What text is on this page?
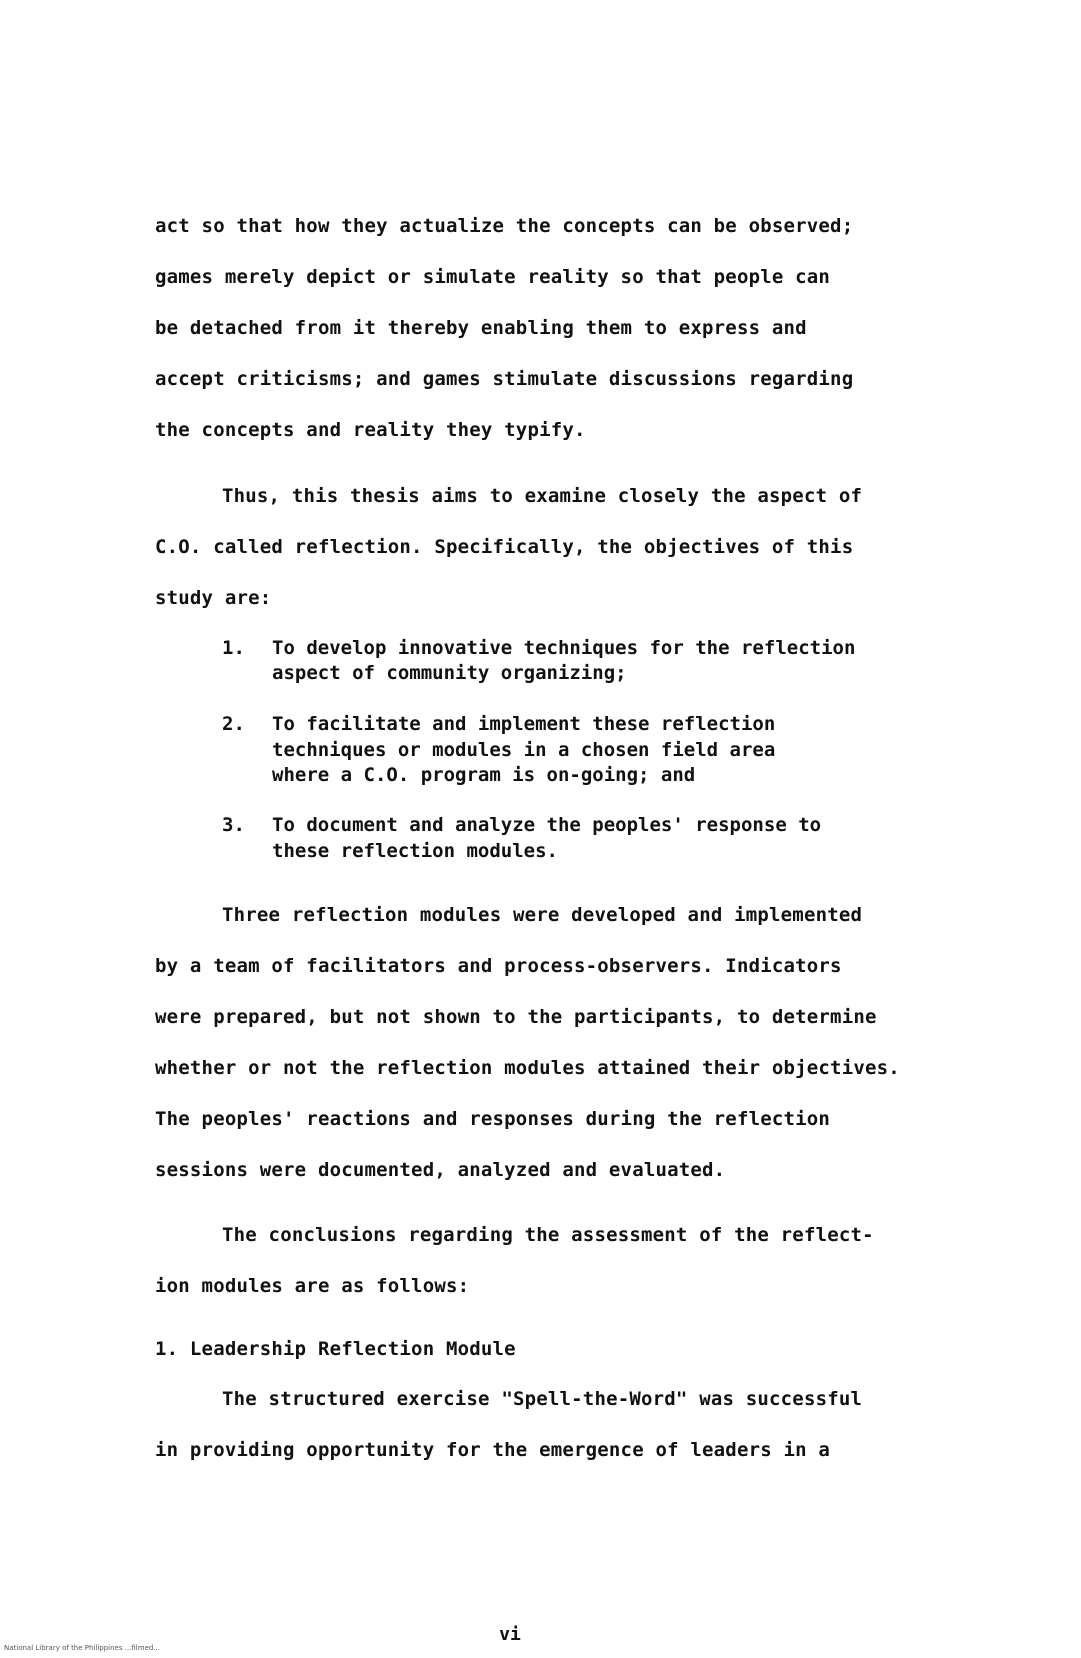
act so that how they actualize the concepts can be observed;
games merely depict or simulate reality so that people can
be detached from it thereby enabling them to express and
accept criticisms; and games stimulate discussions regarding
the concepts and reality they typify.
Thus, this thesis aims to examine closely the aspect of
C.O. called reflection. Specifically, the objectives of this
study are:
1. To develop innovative techniques for the reflection
aspect of community organizing;
2. To facilitate and implement these reflection
techniques or modules in a chosen field area
where a C.O. program is on-going; and
3. To document and analyze the peoples' response to
these reflection modules.
Three reflection modules were developed and implemented
by a team of facilitators and process-observers. Indicators
were prepared, but not shown to the participants, to determine
whether or not the reflection modules attained their objectives.
The peoples' reactions and responses during the reflection
sessions were documented, analyzed and evaluated.
The conclusions regarding the assessment of the reflect-
ion modules are as follows:
1. Leadership Reflection Module
The structured exercise "Spell-the-Word" was successful
in providing opportunity for the emergence of leaders in a
vi
National Library of the Philippines ...filmed...
